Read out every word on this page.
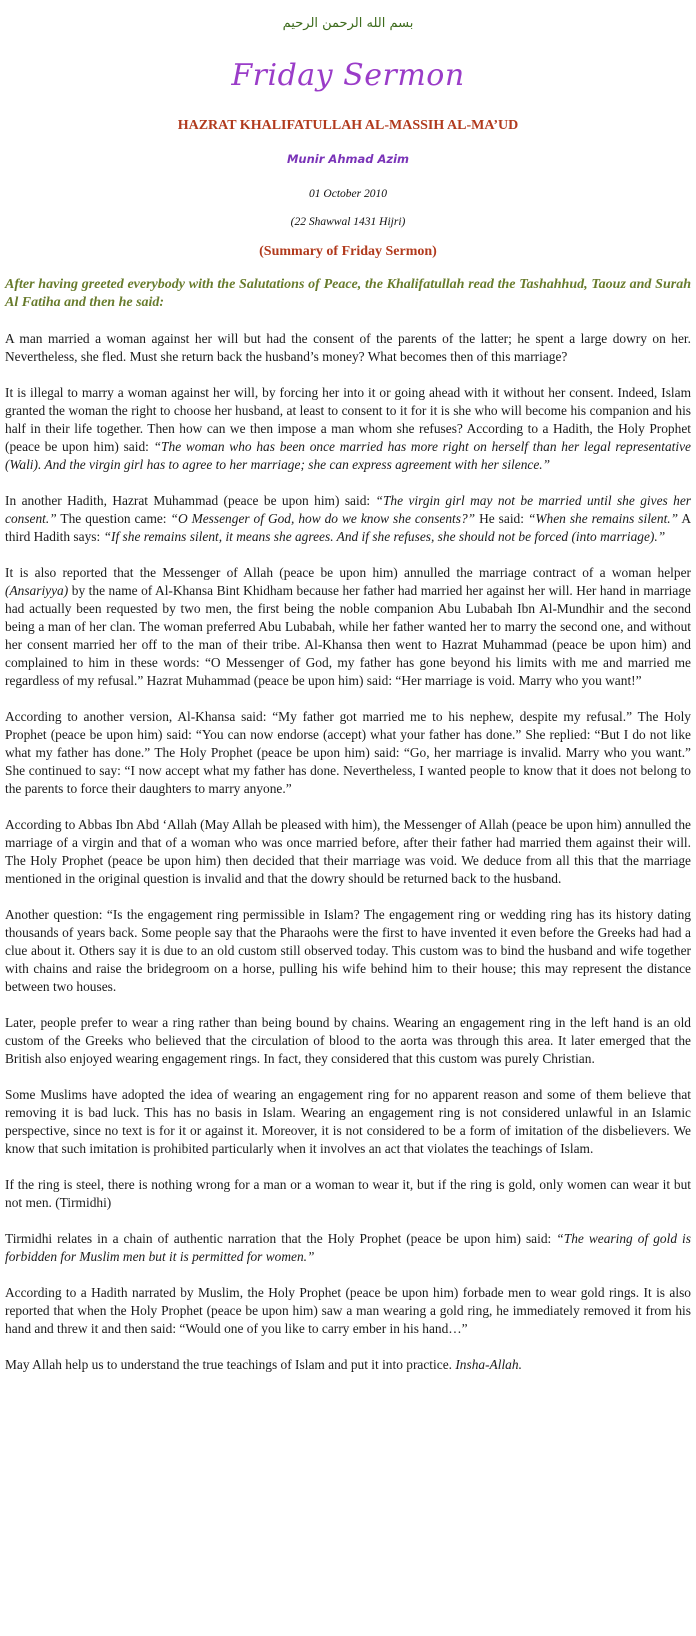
بسم الله الرحمن الرحيم
Friday Sermon
HAZRAT KHALIFATULLAH AL-MASSIH AL-MA’UD
Munir Ahmad Azim
01 October 2010
(22 Shawwal 1431 Hijri)
(Summary of Friday Sermon)
After having greeted everybody with the Salutations of Peace, the Khalifatullah read the Tashahhud, Taouz and Surah Al Fatiha and then he said:

A man married a woman against her will but had the consent of the parents of the latter; he spent a large dowry on her. Nevertheless, she fled. Must she return back the husband’s money? What becomes then of this marriage?

It is illegal to marry a woman against her will, by forcing her into it or going ahead with it without her consent. Indeed, Islam granted the woman the right to choose her husband, at least to consent to it for it is she who will become his companion and his half in their life together. Then how can we then impose a man whom she refuses? According to a Hadith, the Holy Prophet (peace be upon him) said: “The woman who has been once married has more right on herself than her legal representative (Wali). And the virgin girl has to agree to her marriage; she can express agreement with her silence.”

In another Hadith, Hazrat Muhammad (peace be upon him) said: “The virgin girl may not be married until she gives her consent.” The question came: “O Messenger of God, how do we know she consents?” He said: “When she remains silent.” A third Hadith says: “If she remains silent, it means she agrees. And if she refuses, she should not be forced (into marriage).”

It is also reported that the Messenger of Allah (peace be upon him) annulled the marriage contract of a woman helper (Ansariyya) by the name of Al-Khansa Bint Khidham because her father had married her against her will. Her hand in marriage had actually been requested by two men, the first being the noble companion Abu Lubabah Ibn Al-Mundhir and the second being a man of her clan. The woman preferred Abu Lubabah, while her father wanted her to marry the second one, and without her consent married her off to the man of their tribe. Al-Khansa then went to Hazrat Muhammad (peace be upon him) and complained to him in these words: “O Messenger of God, my father has gone beyond his limits with me and married me regardless of my refusal.” Hazrat Muhammad (peace be upon him) said: “Her marriage is void. Marry who you want!”

According to another version, Al-Khansa said: “My father got married me to his nephew, despite my refusal.” The Holy Prophet (peace be upon him) said: “You can now endorse (accept) what your father has done.” She replied: “But I do not like what my father has done.” The Holy Prophet (peace be upon him) said: “Go, her marriage is invalid. Marry who you want.” She continued to say: “I now accept what my father has done. Nevertheless, I wanted people to know that it does not belong to the parents to force their daughters to marry anyone.”

According to Abbas Ibn Abd ‘Allah (May Allah be pleased with him), the Messenger of Allah (peace be upon him) annulled the marriage of a virgin and that of a woman who was once married before, after their father had married them against their will. The Holy Prophet (peace be upon him) then decided that their marriage was void. We deduce from all this that the marriage mentioned in the original question is invalid and that the dowry should be returned back to the husband.

Another question: “Is the engagement ring permissible in Islam? The engagement ring or wedding ring has its history dating thousands of years back. Some people say that the Pharaohs were the first to have invented it even before the Greeks had had a clue about it. Others say it is due to an old custom still observed today. This custom was to bind the husband and wife together with chains and raise the bridegroom on a horse, pulling his wife behind him to their house; this may represent the distance between two houses.

Later, people prefer to wear a ring rather than being bound by chains. Wearing an engagement ring in the left hand is an old custom of the Greeks who believed that the circulation of blood to the aorta was through this area. It later emerged that the British also enjoyed wearing engagement rings. In fact, they considered that this custom was purely Christian.

Some Muslims have adopted the idea of wearing an engagement ring for no apparent reason and some of them believe that removing it is bad luck. This has no basis in Islam. Wearing an engagement ring is not considered unlawful in an Islamic perspective, since no text is for it or against it. Moreover, it is not considered to be a form of imitation of the disbelievers. We know that such imitation is prohibited particularly when it involves an act that violates the teachings of Islam.

If the ring is steel, there is nothing wrong for a man or a woman to wear it, but if the ring is gold, only women can wear it but not men. (Tirmidhi)

Tirmidhi relates in a chain of authentic narration that the Holy Prophet (peace be upon him) said: “The wearing of gold is forbidden for Muslim men but it is permitted for women.”

According to a Hadith narrated by Muslim, the Holy Prophet (peace be upon him) forbade men to wear gold rings. It is also reported that when the Holy Prophet (peace be upon him) saw a man wearing a gold ring, he immediately removed it from his hand and threw it and then said: “Would one of you like to carry ember in his hand…”

May Allah help us to understand the true teachings of Islam and put it into practice. Insha-Allah.
